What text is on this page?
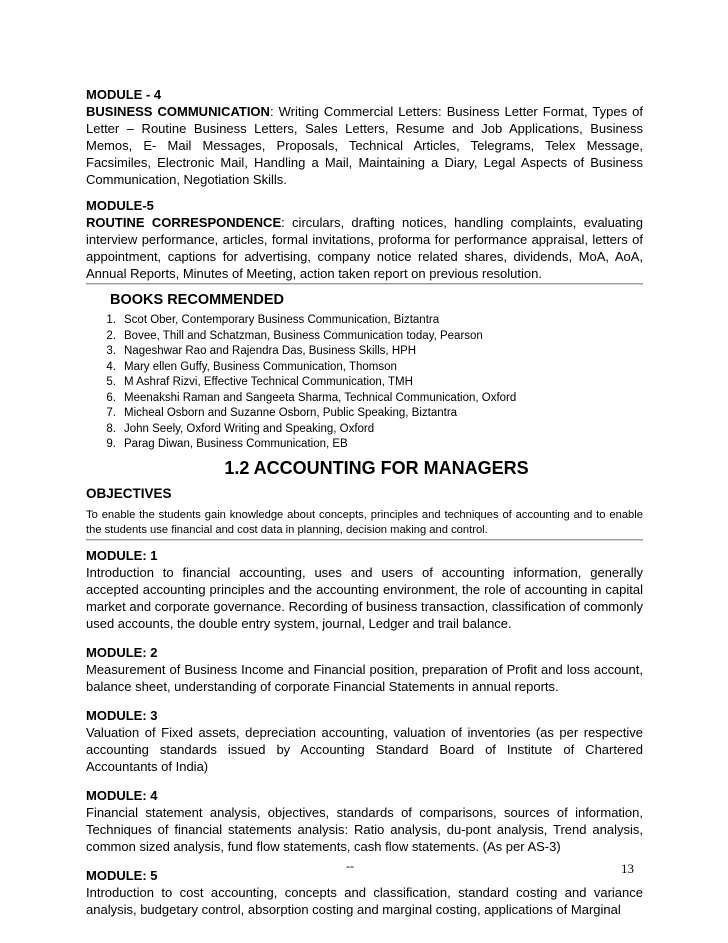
MODULE - 4

BUSINESS COMMUNICATION: Writing Commercial Letters: Business Letter Format, Types of Letter – Routine Business Letters, Sales Letters, Resume and Job Applications, Business Memos, E- Mail Messages, Proposals, Technical Articles, Telegrams, Telex Message, Facsimiles, Electronic Mail, Handling a Mail, Maintaining a Diary, Legal Aspects of Business Communication, Negotiation Skills.

MODULE-5

ROUTINE CORRESPONDENCE: circulars, drafting notices, handling complaints, evaluating interview performance, articles, formal invitations, proforma for performance appraisal, letters of appointment, captions for advertising, company notice related shares, dividends, MoA, AoA, Annual Reports, Minutes of Meeting, action taken report on previous resolution.

BOOKS RECOMMENDED
1. Scot Ober, Contemporary Business Communication, Biztantra
2. Bovee, Thill and Schatzman, Business Communication today, Pearson
3. Nageshwar Rao and Rajendra Das, Business Skills, HPH
4. Mary ellen Guffy, Business Communication, Thomson
5. M Ashraf Rizvi, Effective Technical Communication, TMH
6. Meenakshi Raman and Sangeeta Sharma, Technical Communication, Oxford
7. Micheal Osborn and Suzanne Osborn, Public Speaking, Biztantra
8. John Seely, Oxford Writing and Speaking, Oxford
9. Parag Diwan, Business Communication, EB
1.2 ACCOUNTING FOR MANAGERS
OBJECTIVES

To enable the students gain knowledge about concepts, principles and techniques of accounting and to enable the students use financial and cost data in planning, decision making and control.

MODULE: 1

Introduction to financial accounting, uses and users of accounting information, generally accepted accounting principles and the accounting environment, the role of accounting in capital market and corporate governance. Recording of business transaction, classification of commonly used accounts, the double entry system, journal, Ledger and trail balance.

MODULE: 2

Measurement of Business Income and Financial position, preparation of Profit and loss account, balance sheet, understanding of corporate Financial Statements in annual reports.

MODULE: 3

Valuation of Fixed assets, depreciation accounting, valuation of inventories (as per respective accounting standards issued by Accounting Standard Board of Institute of Chartered Accountants of India)

MODULE: 4

Financial statement analysis, objectives, standards of comparisons, sources of information, Techniques of financial statements analysis: Ratio analysis, du-pont analysis, Trend analysis, common sized analysis, fund flow statements, cash flow statements. (As per AS-3)

MODULE: 5

Introduction to cost accounting, concepts and classification, standard costing and variance analysis, budgetary control, absorption costing and marginal costing, applications of Marginal

--	13
